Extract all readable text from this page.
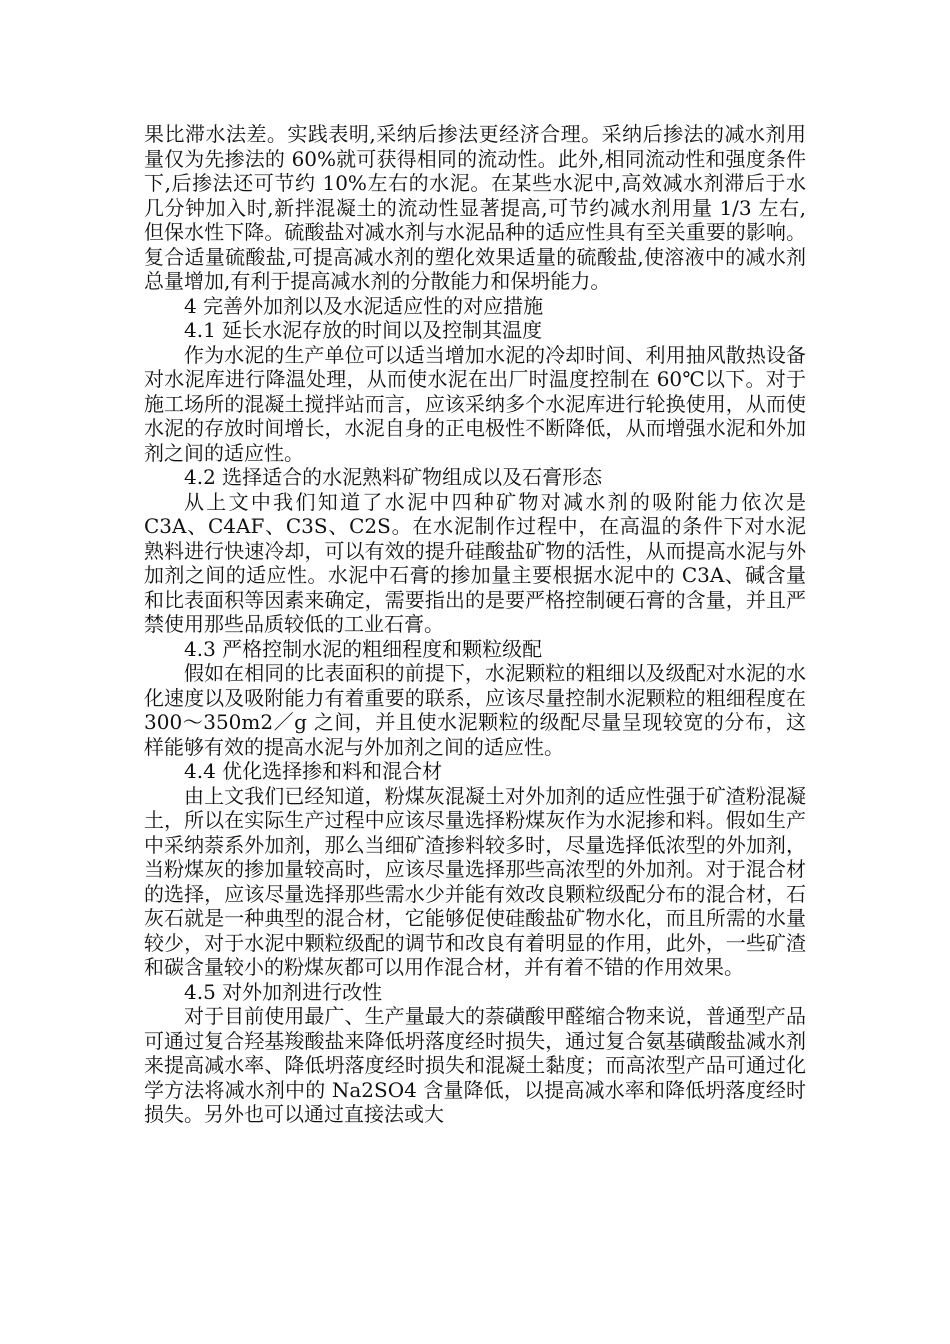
果比滞水法差。实践表明,采纳后掺法更经济合理。采纳后掺法的减水剂用量仅为先掺法的 60%就可获得相同的流动性。此外,相同流动性和强度条件下,后掺法还可节约 10%左右的水泥。在某些水泥中,高效减水剂滞后于水几分钟加入时,新拌混凝土的流动性显著提高,可节约减水剂用量 1/3 左右,但保水性下降。硫酸盐对减水剂与水泥品种的适应性具有至关重要的影响。复合适量硫酸盐,可提高减水剂的塑化效果适量的硫酸盐,使溶液中的减水剂总量增加,有利于提高减水剂的分散能力和保坍能力。

4 完善外加剂以及水泥适应性的对应措施

4.1 延长水泥存放的时间以及控制其温度

作为水泥的生产单位可以适当增加水泥的冷却时间、利用抽风散热设备对水泥库进行降温处理，从而使水泥在出厂时温度控制在 60℃以下。对于施工场所的混凝土搅拌站而言，应该采纳多个水泥库进行轮换使用，从而使水泥的存放时间增长，水泥自身的正电极性不断降低，从而增强水泥和外加剂之间的适应性。

4.2 选择适合的水泥熟料矿物组成以及石膏形态

从上文中我们知道了水泥中四种矿物对减水剂的吸附能力依次是 C3A、C4AF、C3S、C2S。在水泥制作过程中，在高温的条件下对水泥熟料进行快速冷却，可以有效的提升硅酸盐矿物的活性，从而提高水泥与外加剂之间的适应性。水泥中石膏的掺加量主要根据水泥中的 C3A、碱含量和比表面积等因素来确定，需要指出的是要严格控制硬石膏的含量，并且严禁使用那些品质较低的工业石膏。

4.3 严格控制水泥的粗细程度和颗粒级配

假如在相同的比表面积的前提下，水泥颗粒的粗细以及级配对水泥的水化速度以及吸附能力有着重要的联系，应该尽量控制水泥颗粒的粗细程度在 300～350m2／g 之间，并且使水泥颗粒的级配尽量呈现较宽的分布，这样能够有效的提高水泥与外加剂之间的适应性。

4.4 优化选择掺和料和混合材

由上文我们已经知道，粉煤灰混凝土对外加剂的适应性强于矿渣粉混凝土，所以在实际生产过程中应该尽量选择粉煤灰作为水泥掺和料。假如生产中采纳萘系外加剂，那么当细矿渣掺料较多时，尽量选择低浓型的外加剂，当粉煤灰的掺加量较高时，应该尽量选择那些高浓型的外加剂。对于混合材的选择，应该尽量选择那些需水少并能有效改良颗粒级配分布的混合材，石灰石就是一种典型的混合材，它能够促使硅酸盐矿物水化，而且所需的水量较少，对于水泥中颗粒级配的调节和改良有着明显的作用，此外，一些矿渣和碳含量较小的粉煤灰都可以用作混合材，并有着不错的作用效果。

4.5 对外加剂进行改性

对于目前使用最广、生产量最大的萘磺酸甲醛缩合物来说，普通型产品可通过复合羟基羧酸盐来降低坍落度经时损失，通过复合氨基磺酸盐减水剂来提高减水率、降低坍落度经时损失和混凝土黏度；而高浓型产品可通过化学方法将减水剂中的 Na2SO4 含量降低，以提高减水率和降低坍落度经时损失。另外也可以通过直接法或大
